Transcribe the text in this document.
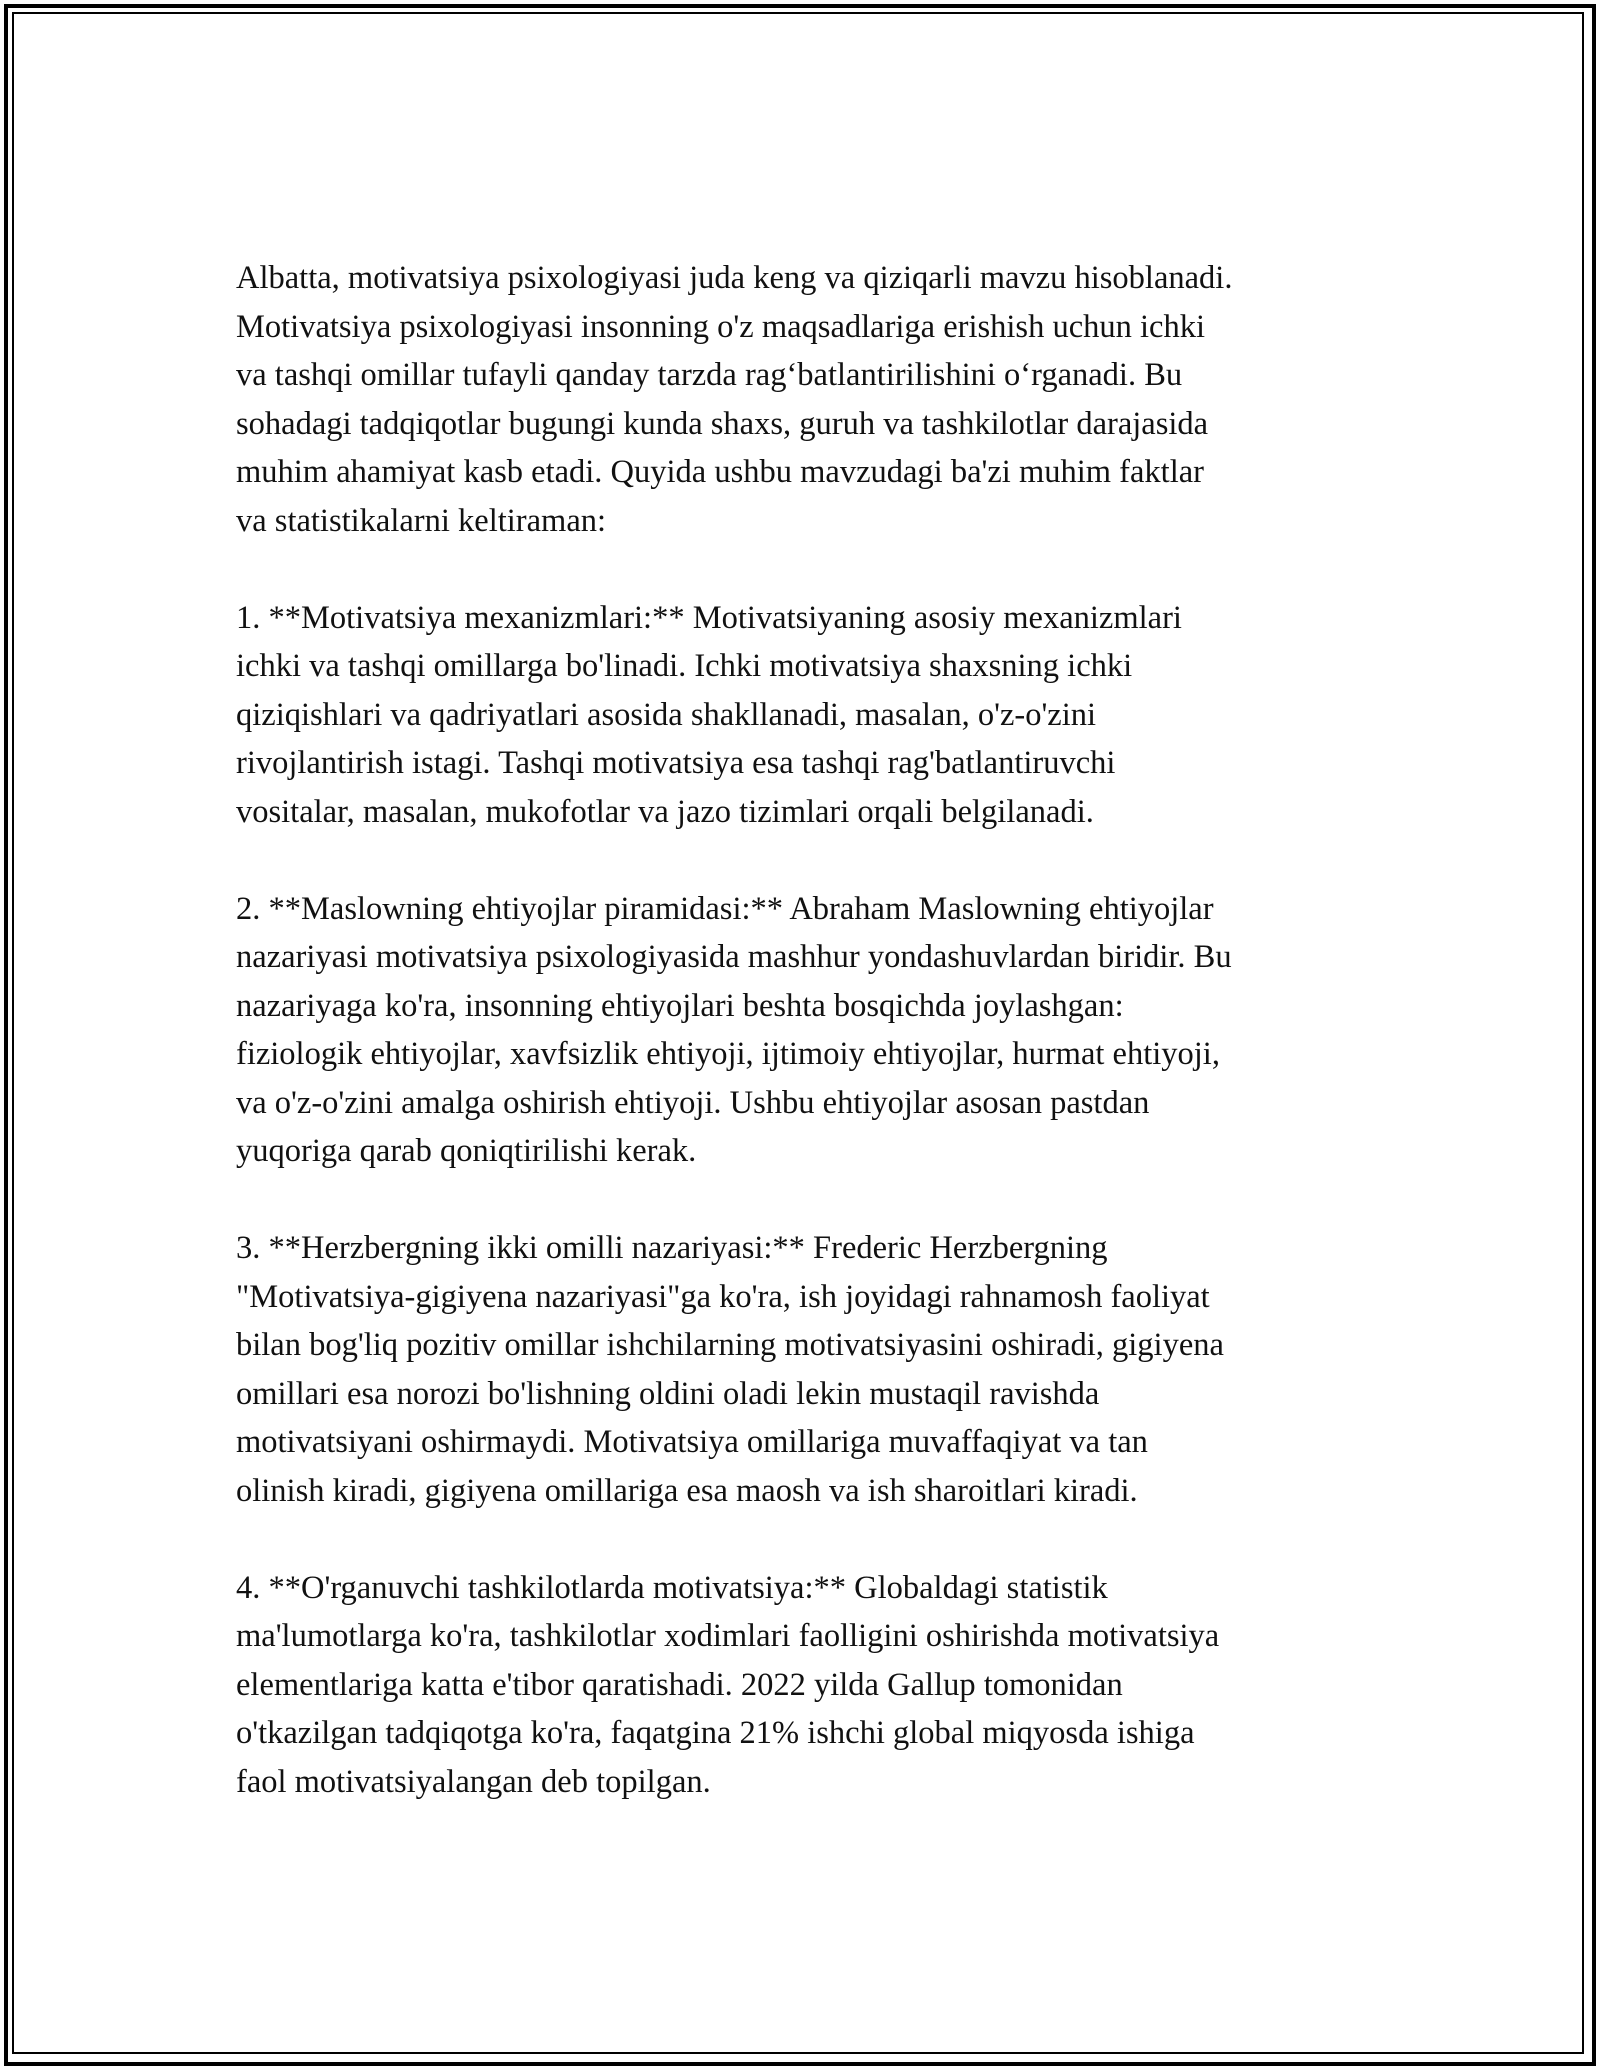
Albatta, motivatsiya psixologiyasi juda keng va qiziqarli mavzu hisoblanadi.
Motivatsiya psixologiyasi insonning o'z maqsadlariga erishish uchun ichki
va tashqi omillar tufayli qanday tarzda rag‘batlantirilishini o‘rganadi. Bu
sohadagi tadqiqotlar bugungi kunda shaxs, guruh va tashkilotlar darajasida
muhim ahamiyat kasb etadi. Quyida ushbu mavzudagi ba'zi muhim faktlar
va statistikalarni keltiraman:
1. **Motivatsiya mexanizmlari:** Motivatsiyaning asosiy mexanizmlari
ichki va tashqi omillarga bo'linadi. Ichki motivatsiya shaxsning ichki
qiziqishlari va qadriyatlari asosida shakllanadi, masalan, o'z-o'zini
rivojlantirish istagi. Tashqi motivatsiya esa tashqi rag'batlantiruvchi
vositalar, masalan, mukofotlar va jazo tizimlari orqali belgilanadi.
2. **Maslowning ehtiyojlar piramidasi:** Abraham Maslowning ehtiyojlar
nazariyasi motivatsiya psixologiyasida mashhur yondashuvlardan biridir. Bu
nazariyaga ko'ra, insonning ehtiyojlari beshta bosqichda joylashgan:
fiziologik ehtiyojlar, xavfsizlik ehtiyoji, ijtimoiy ehtiyojlar, hurmat ehtiyoji,
va o'z-o'zini amalga oshirish ehtiyoji. Ushbu ehtiyojlar asosan pastdan
yuqoriga qarab qoniqtirilishi kerak.
3. **Herzbergning ikki omilli nazariyasi:** Frederic Herzbergning
"Motivatsiya-gigiyena nazariyasi"ga ko'ra, ish joyidagi rahnamosh faoliyat
bilan bog'liq pozitiv omillar ishchilarning motivatsiyasini oshiradi, gigiyena
omillari esa norozi bo'lishning oldini oladi lekin mustaqil ravishda
motivatsiyani oshirmaydi. Motivatsiya omillariga muvaffaqiyat va tan
olinish kiradi, gigiyena omillariga esa maosh va ish sharoitlari kiradi.
4. **O'rganuvchi tashkilotlarda motivatsiya:** Globaldagi statistik
ma'lumotlarga ko'ra, tashkilotlar xodimlari faolligini oshirishda motivatsiya
elementlariga katta e'tibor qaratishadi. 2022 yilda Gallup tomonidan
o'tkazilgan tadqiqotga ko'ra, faqatgina 21% ishchi global miqyosda ishiga
faol motivatsiyalangan deb topilgan.
